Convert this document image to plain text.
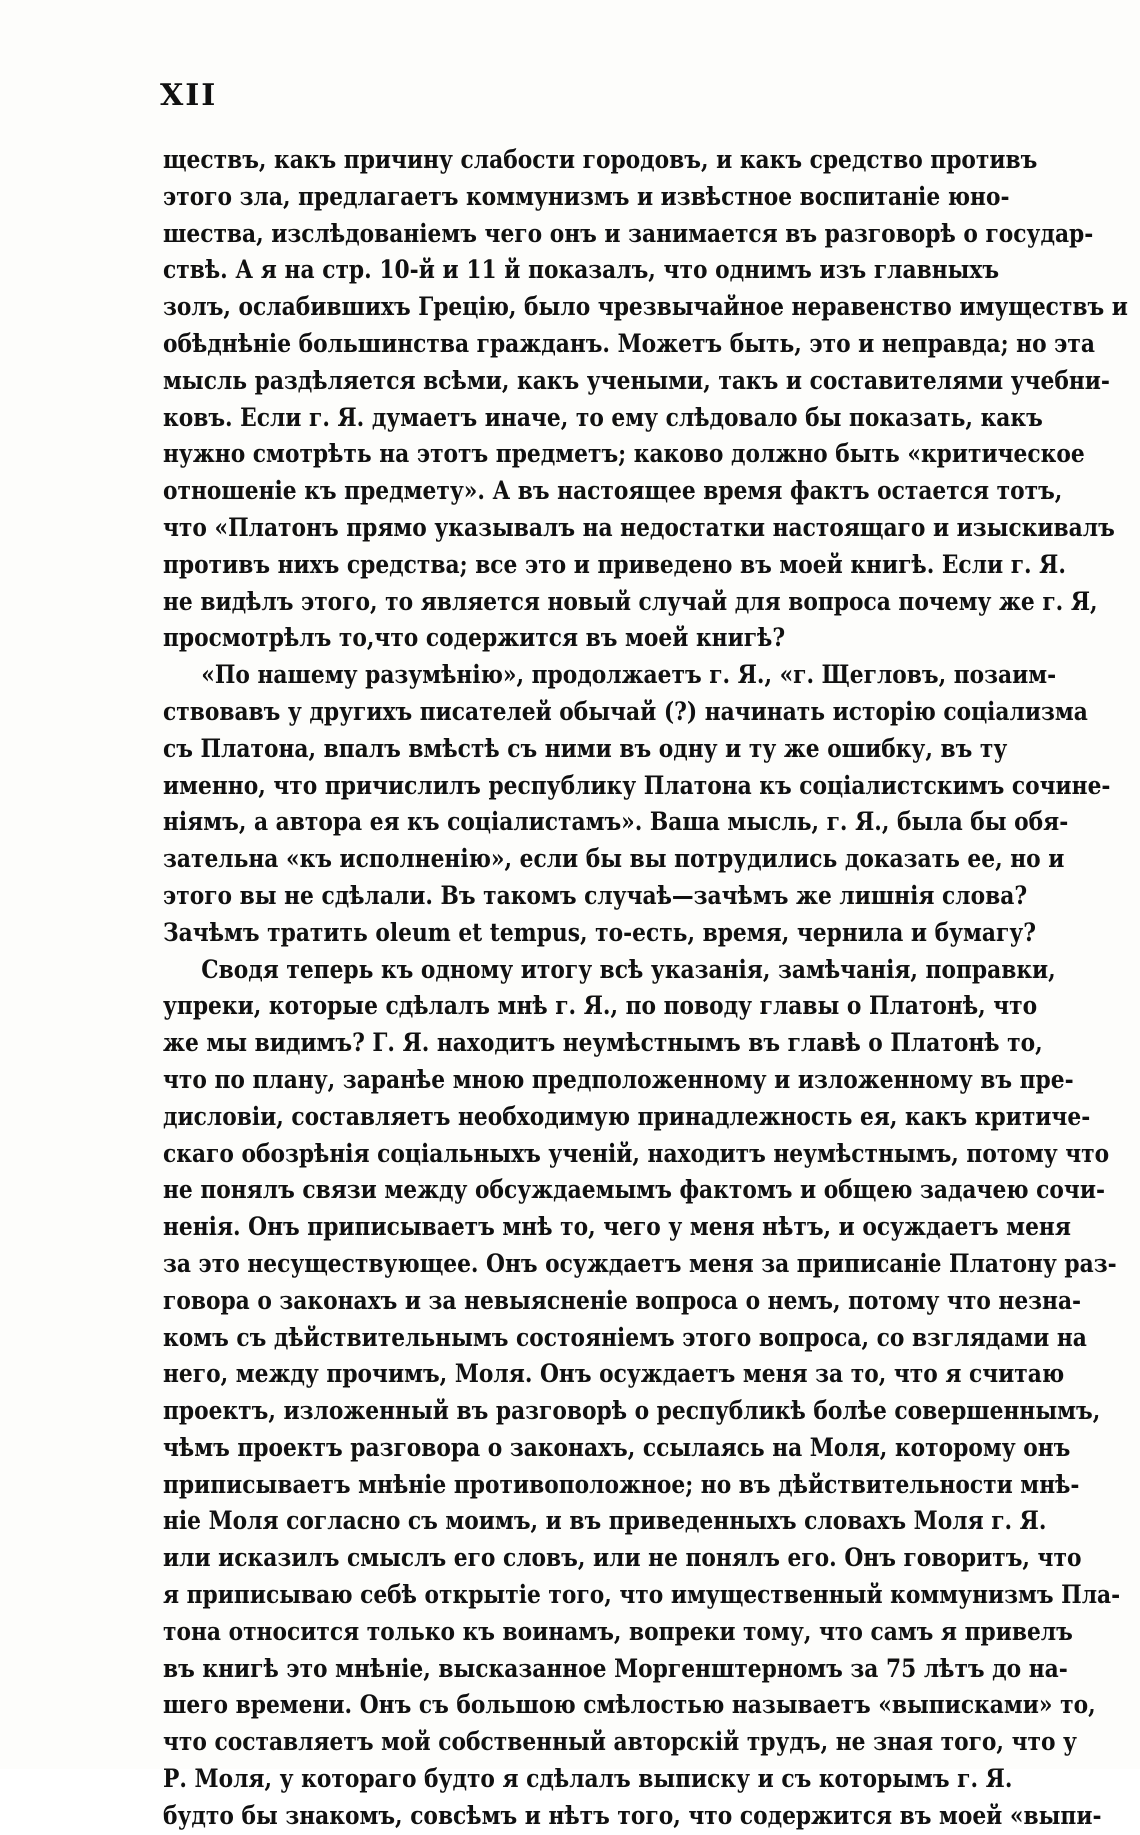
XII
ществъ, какъ причину слабости городовъ, и какъ средство противъ
этого зла, предлагаетъ коммунизмъ и извѣстное воспитаніе юно-
шества, изслѣдованіемъ чего онъ и занимается въ разговорѣ о государ-
ствѣ. А я на стр. 10-й и 11 й показалъ, что однимъ изъ главныхъ
золъ, ослабившихъ Грецію, было чрезвычайное неравенство имуществъ и
обѣднѣніе большинства гражданъ. Можетъ быть, это и неправда; но эта
мысль раздѣляется всѣми, какъ учеными, такъ и составителями учебни-
ковъ. Если г. Я. думаетъ иначе, то ему слѣдовало бы показать, какъ
нужно смотрѣть на этотъ предметъ; каково должно быть «критическое
отношеніе къ предмету». А въ настоящее время фактъ остается тотъ,
что «Платонъ прямо указывалъ на недостатки настоящаго и изыскивалъ
противъ нихъ средства; все это и приведено въ моей книгѣ. Если г. Я.
не видѣлъ этого, то является новый случай для вопроса почему же г. Я,
просмотрѣлъ то,что содержится въ моей книгѣ?
«По нашему разумѣнію», продолжаетъ г. Я., «г. Щегловъ, позаим-
ствовавъ у другихъ писателей обычай (?) начинать исторію соціализма
съ Платона, впалъ вмѣстѣ съ ними въ одну и ту же ошибку, въ ту
именно, что причислилъ республику Платона къ соціалистскимъ сочине-
ніямъ, а автора ея къ соціалистамъ». Ваша мысль, г. Я., была бы обя-
зательна «къ исполненію», если бы вы потрудились доказать ее, но и
этого вы не сдѣлали. Въ такомъ случаѣ—зачѣмъ же лишнія слова?
Зачѣмъ тратить oleum et tempus, то-есть, время, чернила и бумагу?
Сводя теперь къ одному итогу всѣ указанія, замѣчанія, поправки,
упреки, которые сдѣлалъ мнѣ г. Я., по поводу главы о Платонѣ, что
же мы видимъ? Г. Я. находитъ неумѣстнымъ въ главѣ о Платонѣ то,
что по плану, заранѣе мною предположенному и изложенному въ пре-
дисловіи, составляетъ необходимую принадлежность ея, какъ критиче-
скаго обозрѣнія соціальныхъ ученій, находитъ неумѣстнымъ, потому что
не понялъ связи между обсуждаемымъ фактомъ и общею задачею сочи-
ненія. Онъ приписываетъ мнѣ то, чего у меня нѣтъ, и осуждаетъ меня
за это несуществующее. Онъ осуждаетъ меня за приписаніе Платону раз-
говора о законахъ и за невыясненіе вопроса о немъ, потому что незна-
комъ съ дѣйствительнымъ состояніемъ этого вопроса, со взглядами на
него, между прочимъ, Моля. Онъ осуждаетъ меня за то, что я считаю
проектъ, изложенный въ разговорѣ о республикѣ болѣе совершеннымъ,
чѣмъ проектъ разговора о законахъ, ссылаясь на Моля, которому онъ
приписываетъ мнѣніе противоположное; но въ дѣйствительности мнѣ-
ніе Моля согласно съ моимъ, и въ приведенныхъ словахъ Моля г. Я.
или исказилъ смыслъ его словъ, или не понялъ его. Онъ говоритъ, что
я приписываю себѣ открытіе того, что имущественный коммунизмъ Пла-
тона относится только къ воинамъ, вопреки тому, что самъ я привелъ
въ книгѣ это мнѣніе, высказанное Моргенштерномъ за 75 лѣтъ до на-
шего времени. Онъ съ большою смѣлостью называетъ «выписками» то,
что составляетъ мой собственный авторскій трудъ, не зная того, что у
Р. Моля, у котораго будто я сдѣлалъ выписку и съ которымъ г. Я.
будто бы знакомъ, совсѣмъ и нѣтъ того, что содержится въ моей «выпи-
